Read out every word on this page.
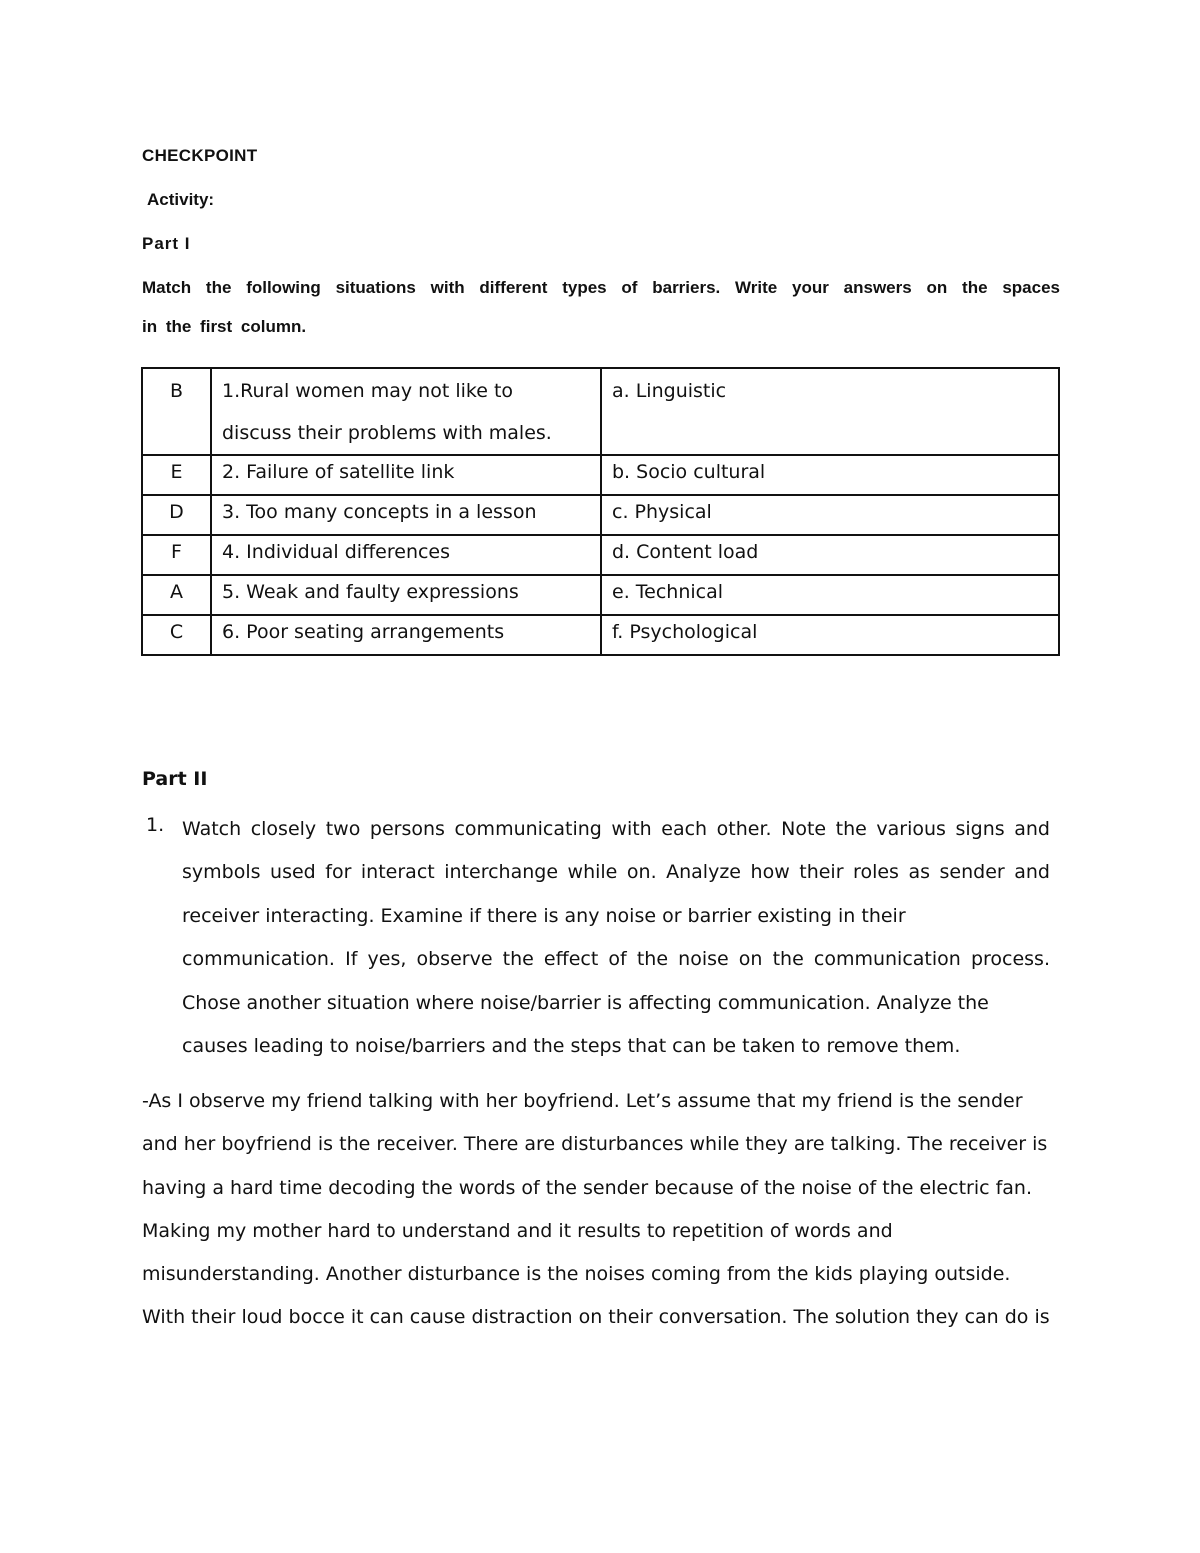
CHECKPOINT
Activity:
Part I
Match the following situations with different types of barriers. Write your answers on the spaces
in the first column.
B	1.Rural women may not like to
discuss their problems with males.	a. Linguistic
E	2. Failure of satellite link	b. Socio cultural
D	3. Too many concepts in a lesson	c. Physical
F	4. Individual differences	d. Content load
A	5. Weak and faulty expressions	e. Technical
C	6. Poor seating arrangements	f. Psychological
Part II
1. Watch closely two persons communicating with each other. Note the various signs and
symbols used for interact interchange while on. Analyze how their roles as sender and
receiver interacting. Examine if there is any noise or barrier existing in their
communication. If yes, observe the effect of the noise on the communication process.
Chose another situation where noise/barrier is affecting communication. Analyze the
causes leading to noise/barriers and the steps that can be taken to remove them.
-As I observe my friend talking with her boyfriend. Let’s assume that my friend is the sender
and her boyfriend is the receiver. There are disturbances while they are talking. The receiver is
having a hard time decoding the words of the sender because of the noise of the electric fan.
Making my mother hard to understand and it results to repetition of words and
misunderstanding. Another disturbance is the noises coming from the kids playing outside.
With their loud bocce it can cause distraction on their conversation. The solution they can do is
